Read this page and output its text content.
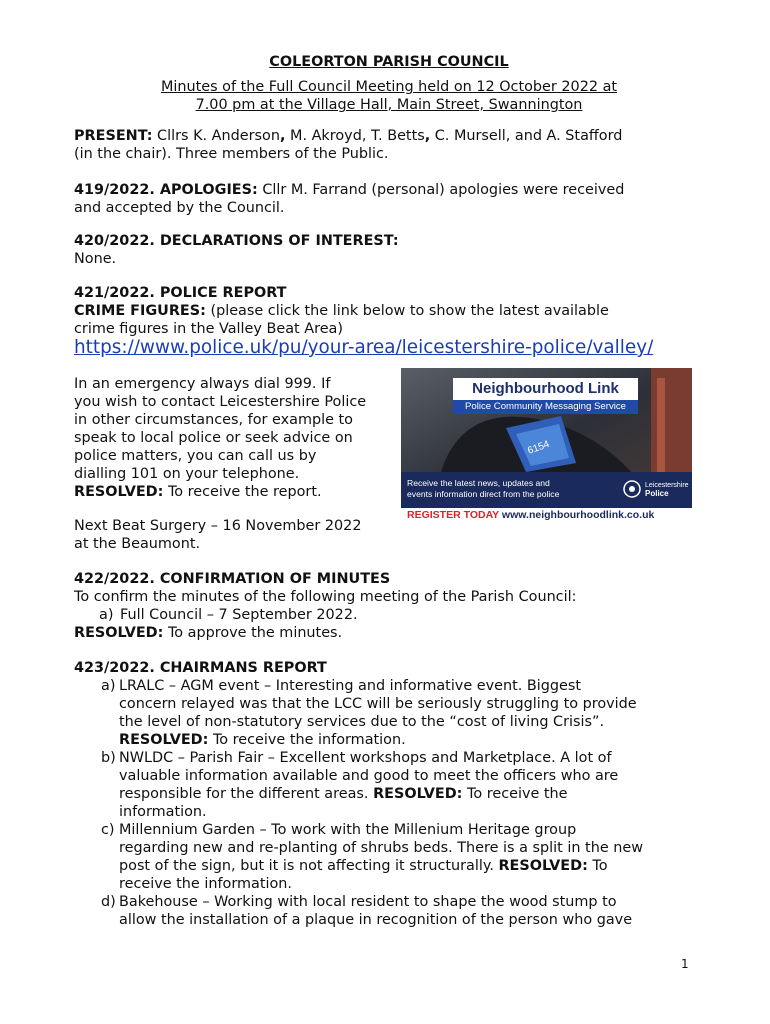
COLEORTON PARISH COUNCIL
Minutes of the Full Council Meeting held on 12 October 2022 at
7.00 pm at the Village Hall, Main Street, Swannington
PRESENT: Cllrs K. Anderson, M. Akroyd, T. Betts, C. Mursell, and A. Stafford
(in the chair). Three members of the Public.
419/2022. APOLOGIES: Cllr M. Farrand (personal) apologies were received
and accepted by the Council.
420/2022. DECLARATIONS OF INTEREST:
None.
421/2022. POLICE REPORT
CRIME FIGURES: (please click the link below to show the latest available
crime figures in the Valley Beat Area)
https://www.police.uk/pu/your-area/leicestershire-police/valley/
In an emergency always dial 999. If
you wish to contact Leicestershire Police
in other circumstances, for example to
speak to local police or seek advice on
police matters, you can call us by
dialling 101 on your telephone.
RESOLVED: To receive the report.
Next Beat Surgery – 16 November 2022
at the Beaumont.
6154
Neighbourhood Link
Police Community Messaging Service
Receive the latest news, updates and
events information direct from the police
Leicestershire
Police
REGISTER TODAY www.neighbourhoodlink.co.uk
422/2022. CONFIRMATION OF MINUTES
To confirm the minutes of the following meeting of the Parish Council:
a) Full Council – 7 September 2022.
RESOLVED: To approve the minutes.
423/2022. CHAIRMANS REPORT
a) LRALC – AGM event – Interesting and informative event. Biggest
concern relayed was that the LCC will be seriously struggling to provide
the level of non-statutory services due to the “cost of living Crisis”.
RESOLVED: To receive the information.
b) NWLDC – Parish Fair – Excellent workshops and Marketplace. A lot of
valuable information available and good to meet the officers who are
responsible for the different areas. RESOLVED: To receive the
information.
c) Millennium Garden – To work with the Millenium Heritage group
regarding new and re-planting of shrubs beds. There is a split in the new
post of the sign, but it is not affecting it structurally. RESOLVED: To
receive the information.
d) Bakehouse – Working with local resident to shape the wood stump to
allow the installation of a plaque in recognition of the person who gave
1
